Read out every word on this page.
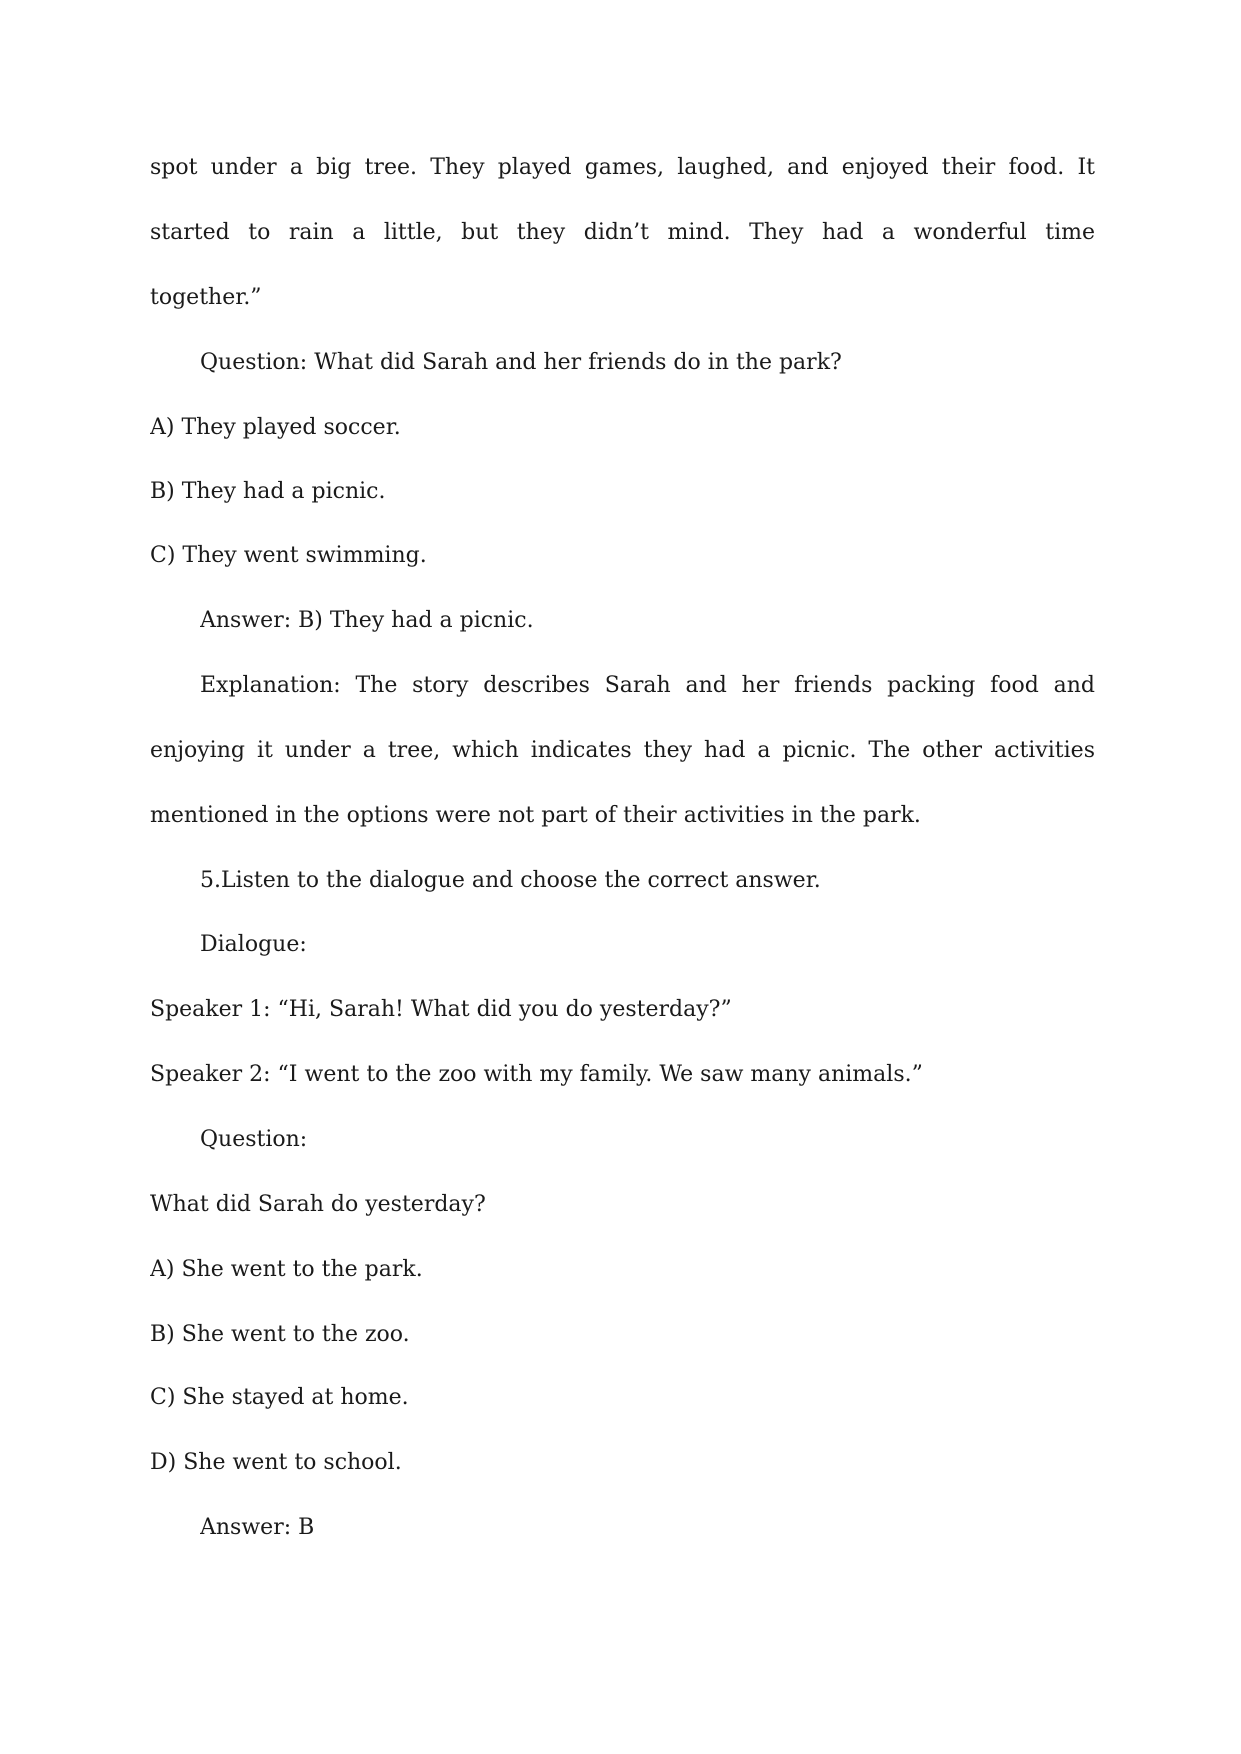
spot under a big tree. They played games, laughed, and enjoyed their food. It
started to rain a little, but they didn’t mind. They had a wonderful time
together.”
Question: What did Sarah and her friends do in the park?
A) They played soccer.
B) They had a picnic.
C) They went swimming.
Answer: B) They had a picnic.
Explanation: The story describes Sarah and her friends packing food and
enjoying it under a tree, which indicates they had a picnic. The other activities
mentioned in the options were not part of their activities in the park.
5.Listen to the dialogue and choose the correct answer.
Dialogue:
Speaker 1: “Hi, Sarah! What did you do yesterday?”
Speaker 2: “I went to the zoo with my family. We saw many animals.”
Question:
What did Sarah do yesterday?
A) She went to the park.
B) She went to the zoo.
C) She stayed at home.
D) She went to school.
Answer: B
